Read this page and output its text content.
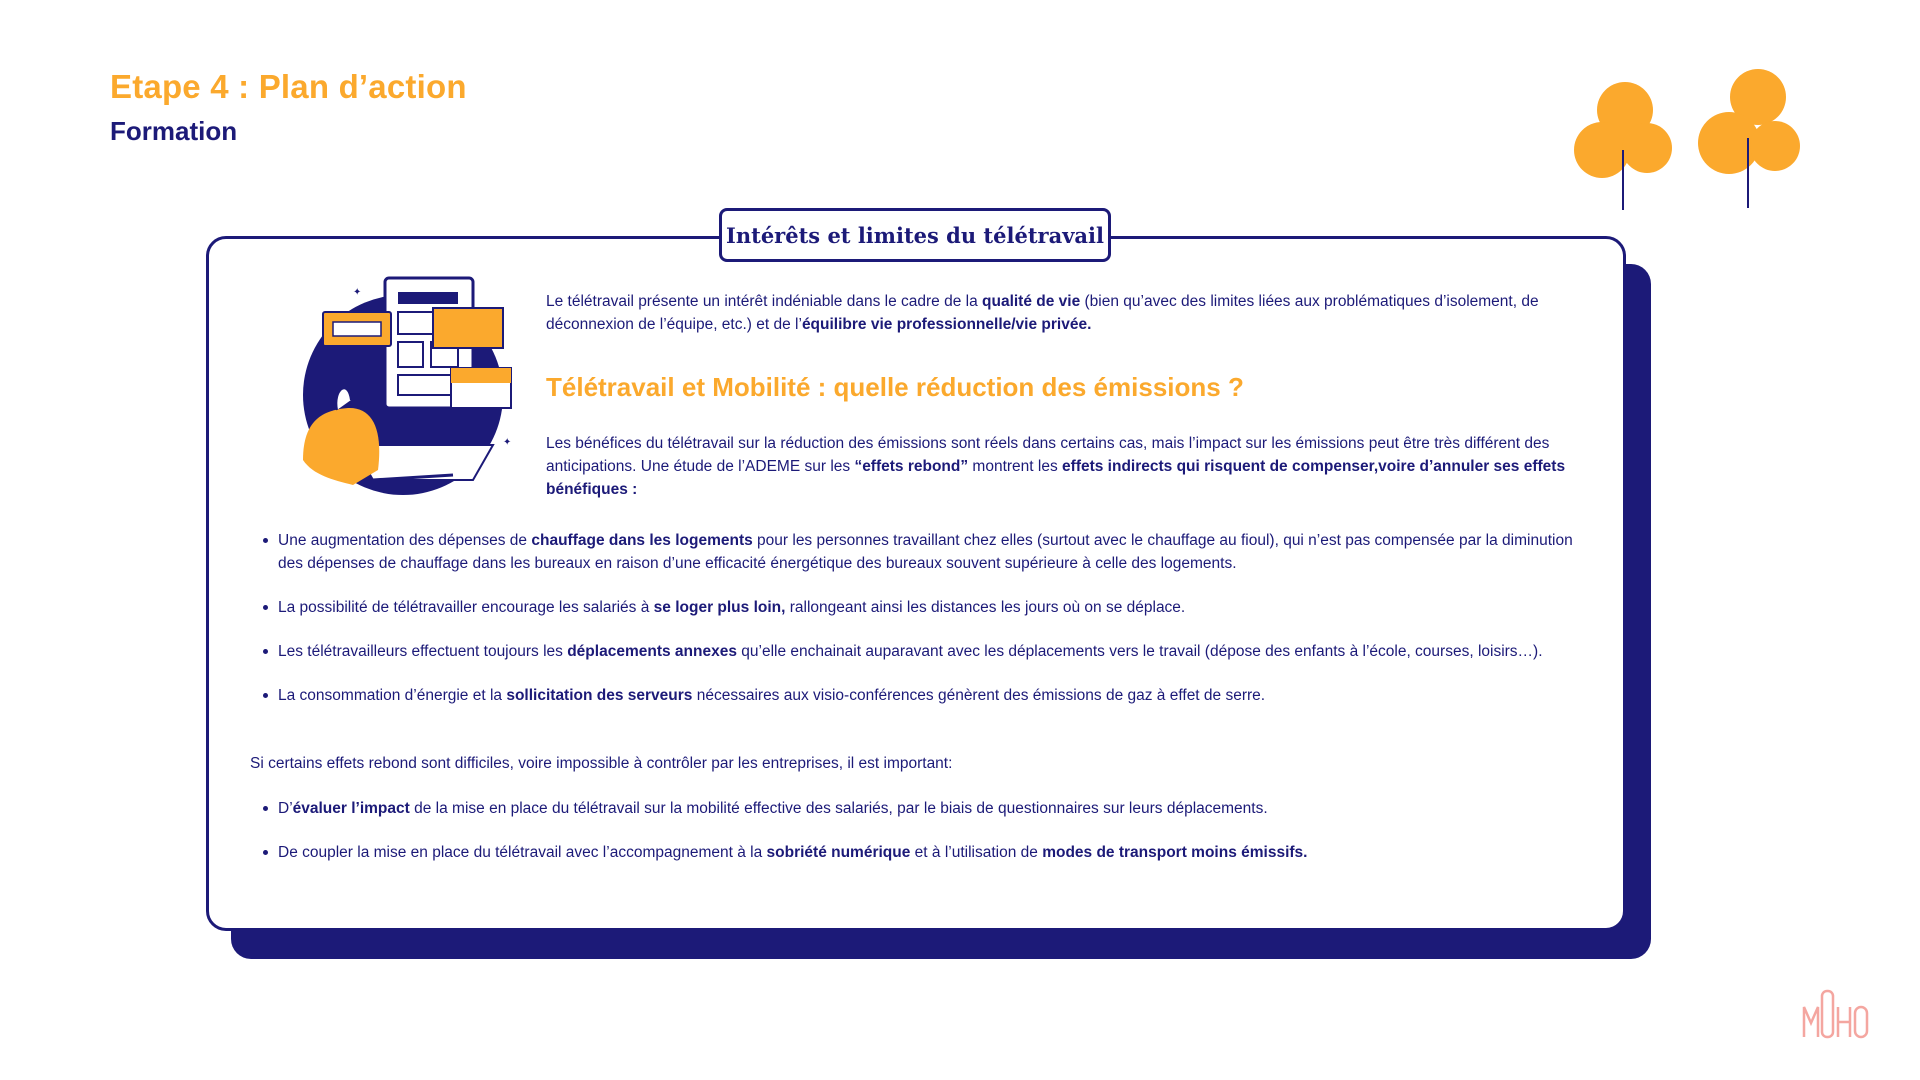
Etape 4 : Plan d’action
Formation
Intérêts et limites du télétravail
✦
✦
Le télétravail présente un intérêt indéniable dans le cadre de la qualité de vie (bien qu’avec des limites liées aux problématiques d’isolement, de déconnexion de l’équipe, etc.) et de l’équilibre vie professionnelle/vie privée.
Télétravail et Mobilité : quelle réduction des émissions ?
Les bénéfices du télétravail sur la réduction des émissions sont réels dans certains cas, mais l’impact sur les émissions peut être très différent des anticipations. Une étude de l’ADEME sur les “effets rebond” montrent les effets indirects qui risquent de compenser,voire d’annuler ses effets bénéfiques :
Une augmentation des dépenses de chauffage dans les logements pour les personnes travaillant chez elles (surtout avec le chauffage au fioul), qui n’est pas compensée par la diminution des dépenses de chauffage dans les bureaux en raison d’une efficacité énergétique des bureaux souvent supérieure à celle des logements.
La possibilité de télétravailler encourage les salariés à se loger plus loin, rallongeant ainsi les distances les jours où on se déplace.
Les télétravailleurs effectuent toujours les déplacements annexes qu’elle enchainait auparavant avec les déplacements vers le travail (dépose des enfants à l’école, courses, loisirs…).
La consommation d’énergie et la sollicitation des serveurs nécessaires aux visio-conférences génèrent des émissions de gaz à effet de serre.
Si certains effets rebond sont difficiles, voire impossible à contrôler par les entreprises, il est important:
D’évaluer l’impact de la mise en place du télétravail sur la mobilité effective des salariés, par le biais de questionnaires sur leurs déplacements.
De coupler la mise en place du télétravail avec l’accompagnement à la sobriété numérique et à l’utilisation de modes de transport moins émissifs.
